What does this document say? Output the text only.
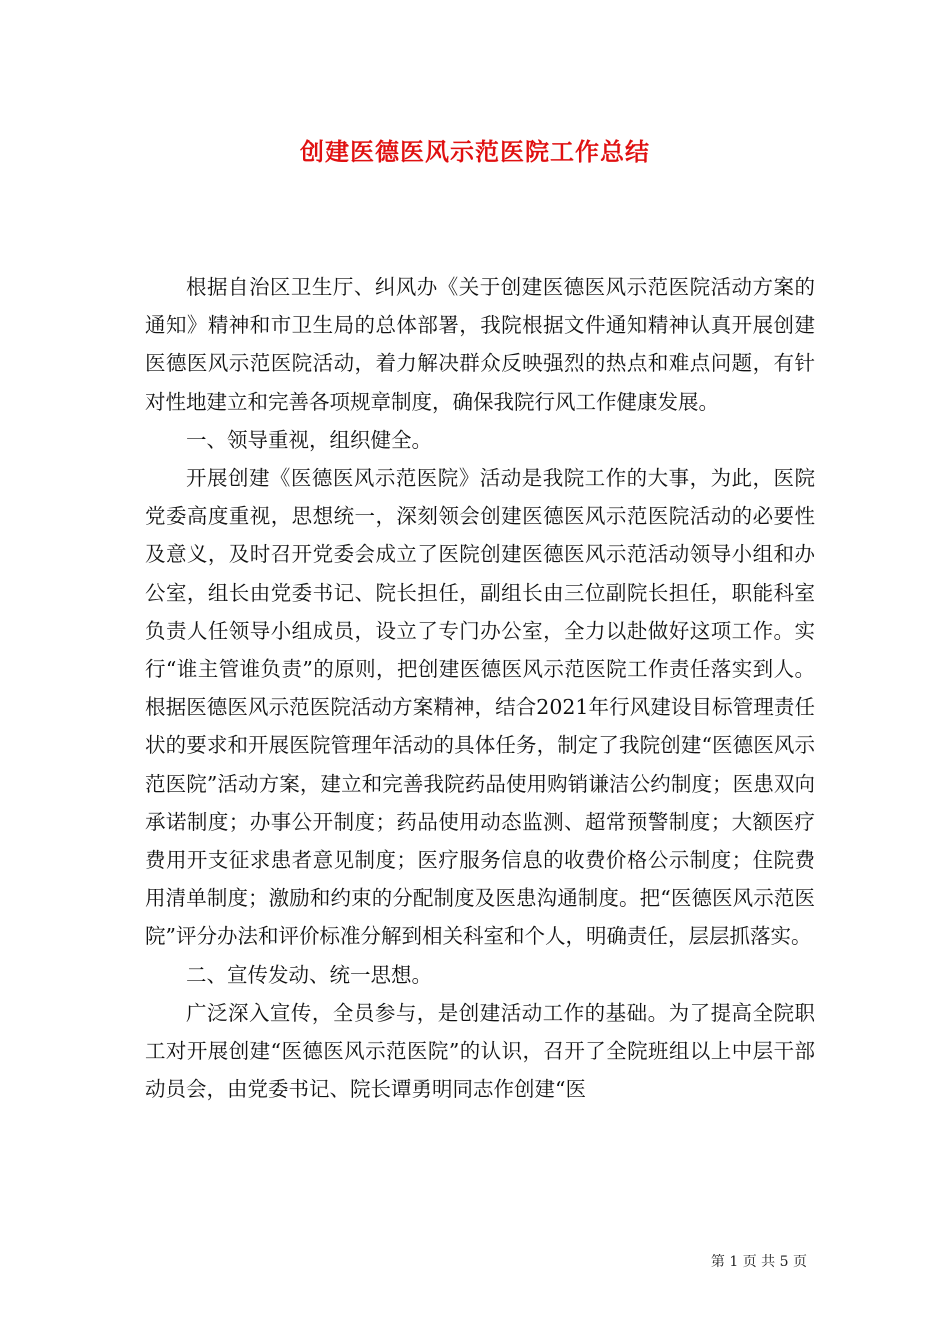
创建医德医风示范医院工作总结

根据自治区卫生厅、纠风办《关于创建医德医风示范医院活动方案的通知》精神和市卫生局的总体部署，我院根据文件通知精神认真开展创建医德医风示范医院活动，着力解决群众反映强烈的热点和难点问题，有针对性地建立和完善各项规章制度，确保我院行风工作健康发展。

一、领导重视，组织健全。

开展创建《医德医风示范医院》活动是我院工作的大事，为此，医院党委高度重视，思想统一，深刻领会创建医德医风示范医院活动的必要性及意义，及时召开党委会成立了医院创建医德医风示范活动领导小组和办公室，组长由党委书记、院长担任，副组长由三位副院长担任，职能科室负责人任领导小组成员，设立了专门办公室，全力以赴做好这项工作。实行“谁主管谁负责”的原则，把创建医德医风示范医院工作责任落实到人。根据医德医风示范医院活动方案精神，结合2021年行风建设目标管理责任状的要求和开展医院管理年活动的具体任务，制定了我院创建“医德医风示范医院”活动方案，建立和完善我院药品使用购销谦洁公约制度；医患双向承诺制度；办事公开制度；药品使用动态监测、超常预警制度；大额医疗费用开支征求患者意见制度；医疗服务信息的收费价格公示制度；住院费用清单制度；激励和约束的分配制度及医患沟通制度。把“医德医风示范医院”评分办法和评价标准分解到相关科室和个人，明确责任，层层抓落实。

二、宣传发动、统一思想。

广泛深入宣传，全员参与，是创建活动工作的基础。为了提高全院职工对开展创建“医德医风示范医院”的认识，召开了全院班组以上中层干部动员会，由党委书记、院长谭勇明同志作创建“医

第 1 页 共 5 页
